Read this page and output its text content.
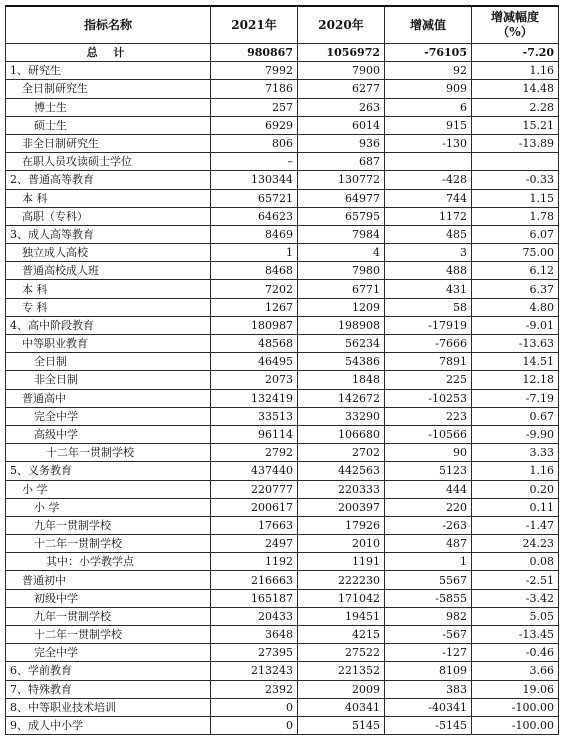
指标名称	2021年	2020年	增减值	增减幅度
（%）

总 计	980867	1056972	-76105	-7.20
1、研究生	7992	7900	92	1.16
全日制研究生	7186	6277	909	14.48
博士生	257	263	6	2.28
硕士生	6929	6014	915	15.21
非全日制研究生	806	936	-130	-13.89
在职人员攻读硕士学位	–	687		
2、普通高等教育	130344	130772	-428	-0.33
本 科	65721	64977	744	1.15
高职（专科）	64623	65795	1172	1.78
3、成人高等教育	8469	7984	485	6.07
独立成人高校	1	4	3	75.00
普通高校成人班	8468	7980	488	6.12
本 科	7202	6771	431	6.37
专 科	1267	1209	58	4.80
4、高中阶段教育	180987	198908	-17919	-9.01
中等职业教育	48568	56234	-7666	-13.63
全日制	46495	54386	7891	14.51
非全日制	2073	1848	225	12.18
普通高中	132419	142672	-10253	-7.19
完全中学	33513	33290	223	0.67
高级中学	96114	106680	-10566	-9.90
十二年一贯制学校	2792	2702	90	3.33
5、义务教育	437440	442563	5123	1.16
小 学	220777	220333	444	0.20
小 学	200617	200397	220	0.11
九年一贯制学校	17663	17926	-263	-1.47
十二年一贯制学校	2497	2010	487	24.23
其中：小学教学点	1192	1191	1	0.08
普通初中	216663	222230	5567	-2.51
初级中学	165187	171042	-5855	-3.42
九年一贯制学校	20433	19451	982	5.05
十二年一贯制学校	3648	4215	-567	-13.45
完全中学	27395	27522	-127	-0.46
6、学前教育	213243	221352	8109	3.66
7、特殊教育	2392	2009	383	19.06
8、中等职业技术培训	0	40341	-40341	-100.00
9、成人中小学	0	5145	-5145	-100.00
